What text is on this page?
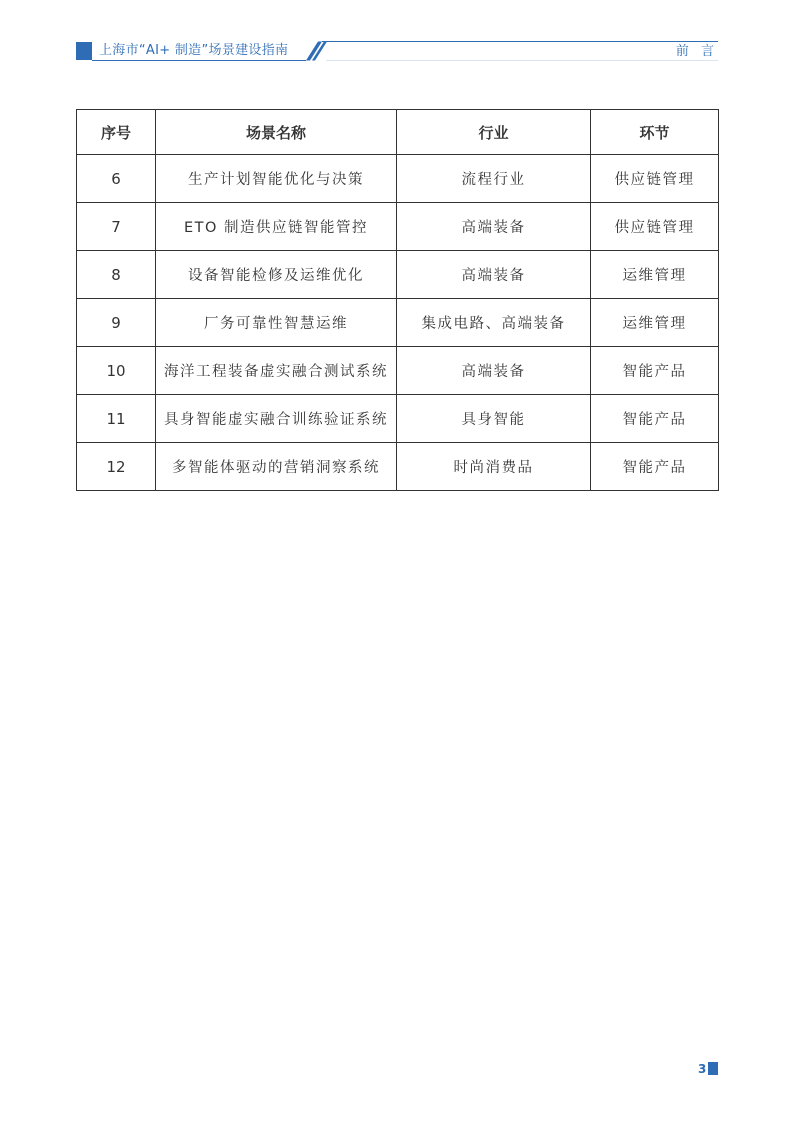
上海市“AI+ 制造”场景建设指南	前 言
序号	场景名称	行业	环节
6	生产计划智能优化与决策	流程行业	供应链管理
7	ETO 制造供应链智能管控	高端装备	供应链管理
8	设备智能检修及运维优化	高端装备	运维管理
9	厂务可靠性智慧运维	集成电路、高端装备	运维管理
10	海洋工程装备虚实融合测试系统	高端装备	智能产品
11	具身智能虚实融合训练验证系统	具身智能	智能产品
12	多智能体驱动的营销洞察系统	时尚消费品	智能产品
3
